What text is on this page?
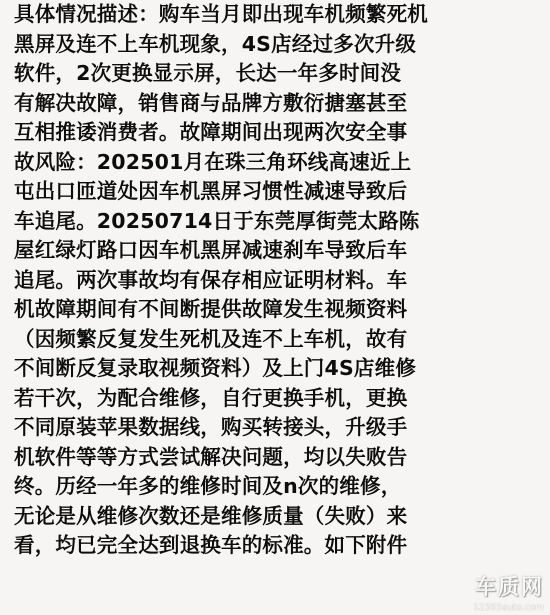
具体情况描述：购车当月即出现车机频繁死机
黑屏及连不上车机现象，4S店经过多次升级
软件，2次更换显示屏，长达一年多时间没
有解决故障，销售商与品牌方敷衍搪塞甚至
互相推诿消费者。故障期间出现两次安全事
故风险：202501月在珠三角环线高速近上
屯出口匝道处因车机黑屏习惯性减速导致后
车追尾。20250714日于东莞厚街莞太路陈
屋红绿灯路口因车机黑屏减速刹车导致后车
追尾。两次事故均有保存相应证明材料。车
机故障期间有不间断提供故障发生视频资料
（因频繁反复发生死机及连不上车机，故有
不间断反复录取视频资料）及上门4S店维修
若干次，为配合维修，自行更换手机，更换
不同原装苹果数据线，购买转接头，升级手
机软件等等方式尝试解决问题，均以失败告
终。历经一年多的维修时间及n次的维修，
无论是从维修次数还是维修质量（失败）来
看，均已完全达到退换车的标准。如下附件
车质网
12365auto.com
